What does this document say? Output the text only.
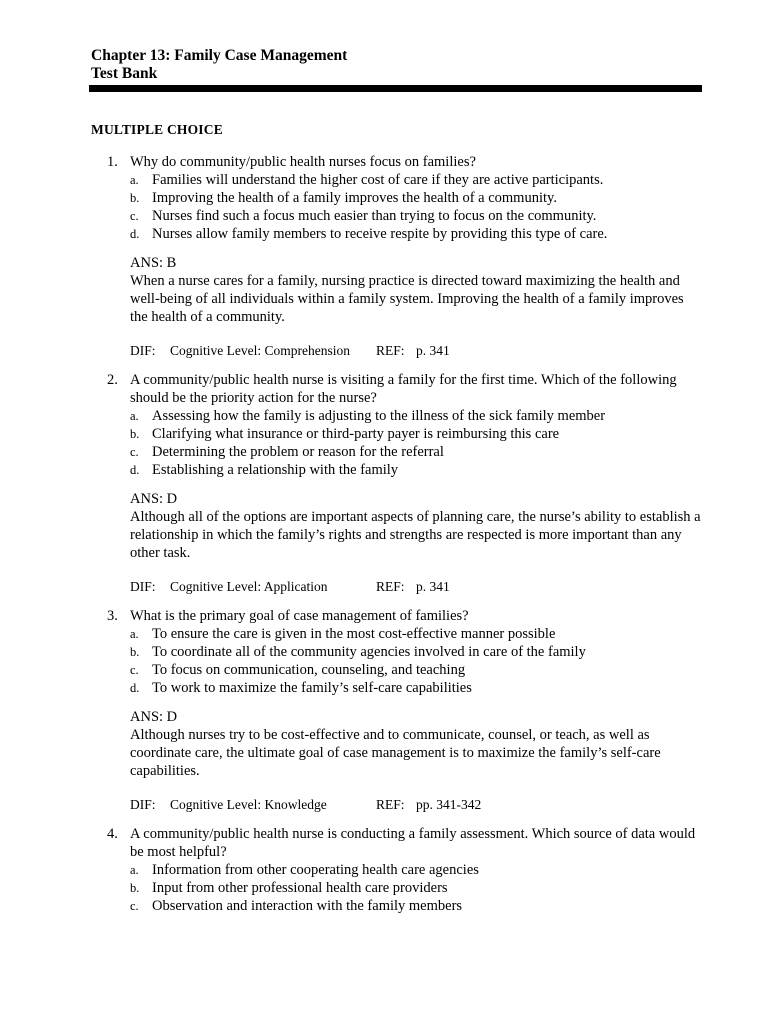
Chapter 13: Family Case Management
Test Bank
MULTIPLE CHOICE
1. Why do community/public health nurses focus on families?
a. Families will understand the higher cost of care if they are active participants.
b. Improving the health of a family improves the health of a community.
c. Nurses find such a focus much easier than trying to focus on the community.
d. Nurses allow family members to receive respite by providing this type of care.
ANS: B
When a nurse cares for a family, nursing practice is directed toward maximizing the health and well-being of all individuals within a family system. Improving the health of a family improves the health of a community.
DIF: Cognitive Level: Comprehension REF: p. 341
2. A community/public health nurse is visiting a family for the first time. Which of the following should be the priority action for the nurse?
a. Assessing how the family is adjusting to the illness of the sick family member
b. Clarifying what insurance or third-party payer is reimbursing this care
c. Determining the problem or reason for the referral
d. Establishing a relationship with the family
ANS: D
Although all of the options are important aspects of planning care, the nurse’s ability to establish a relationship in which the family’s rights and strengths are respected is more important than any other task.
DIF: Cognitive Level: Application	REF: p. 341
3. What is the primary goal of case management of families?
a. To ensure the care is given in the most cost-effective manner possible
b. To coordinate all of the community agencies involved in care of the family
c. To focus on communication, counseling, and teaching
d. To work to maximize the family’s self-care capabilities
ANS: D
Although nurses try to be cost-effective and to communicate, counsel, or teach, as well as coordinate care, the ultimate goal of case management is to maximize the family’s self-care capabilities.
DIF: Cognitive Level: Knowledge	REF: pp. 341-342
4. A community/public health nurse is conducting a family assessment. Which source of data would be most helpful?
a. Information from other cooperating health care agencies
b. Input from other professional health care providers
c. Observation and interaction with the family members
